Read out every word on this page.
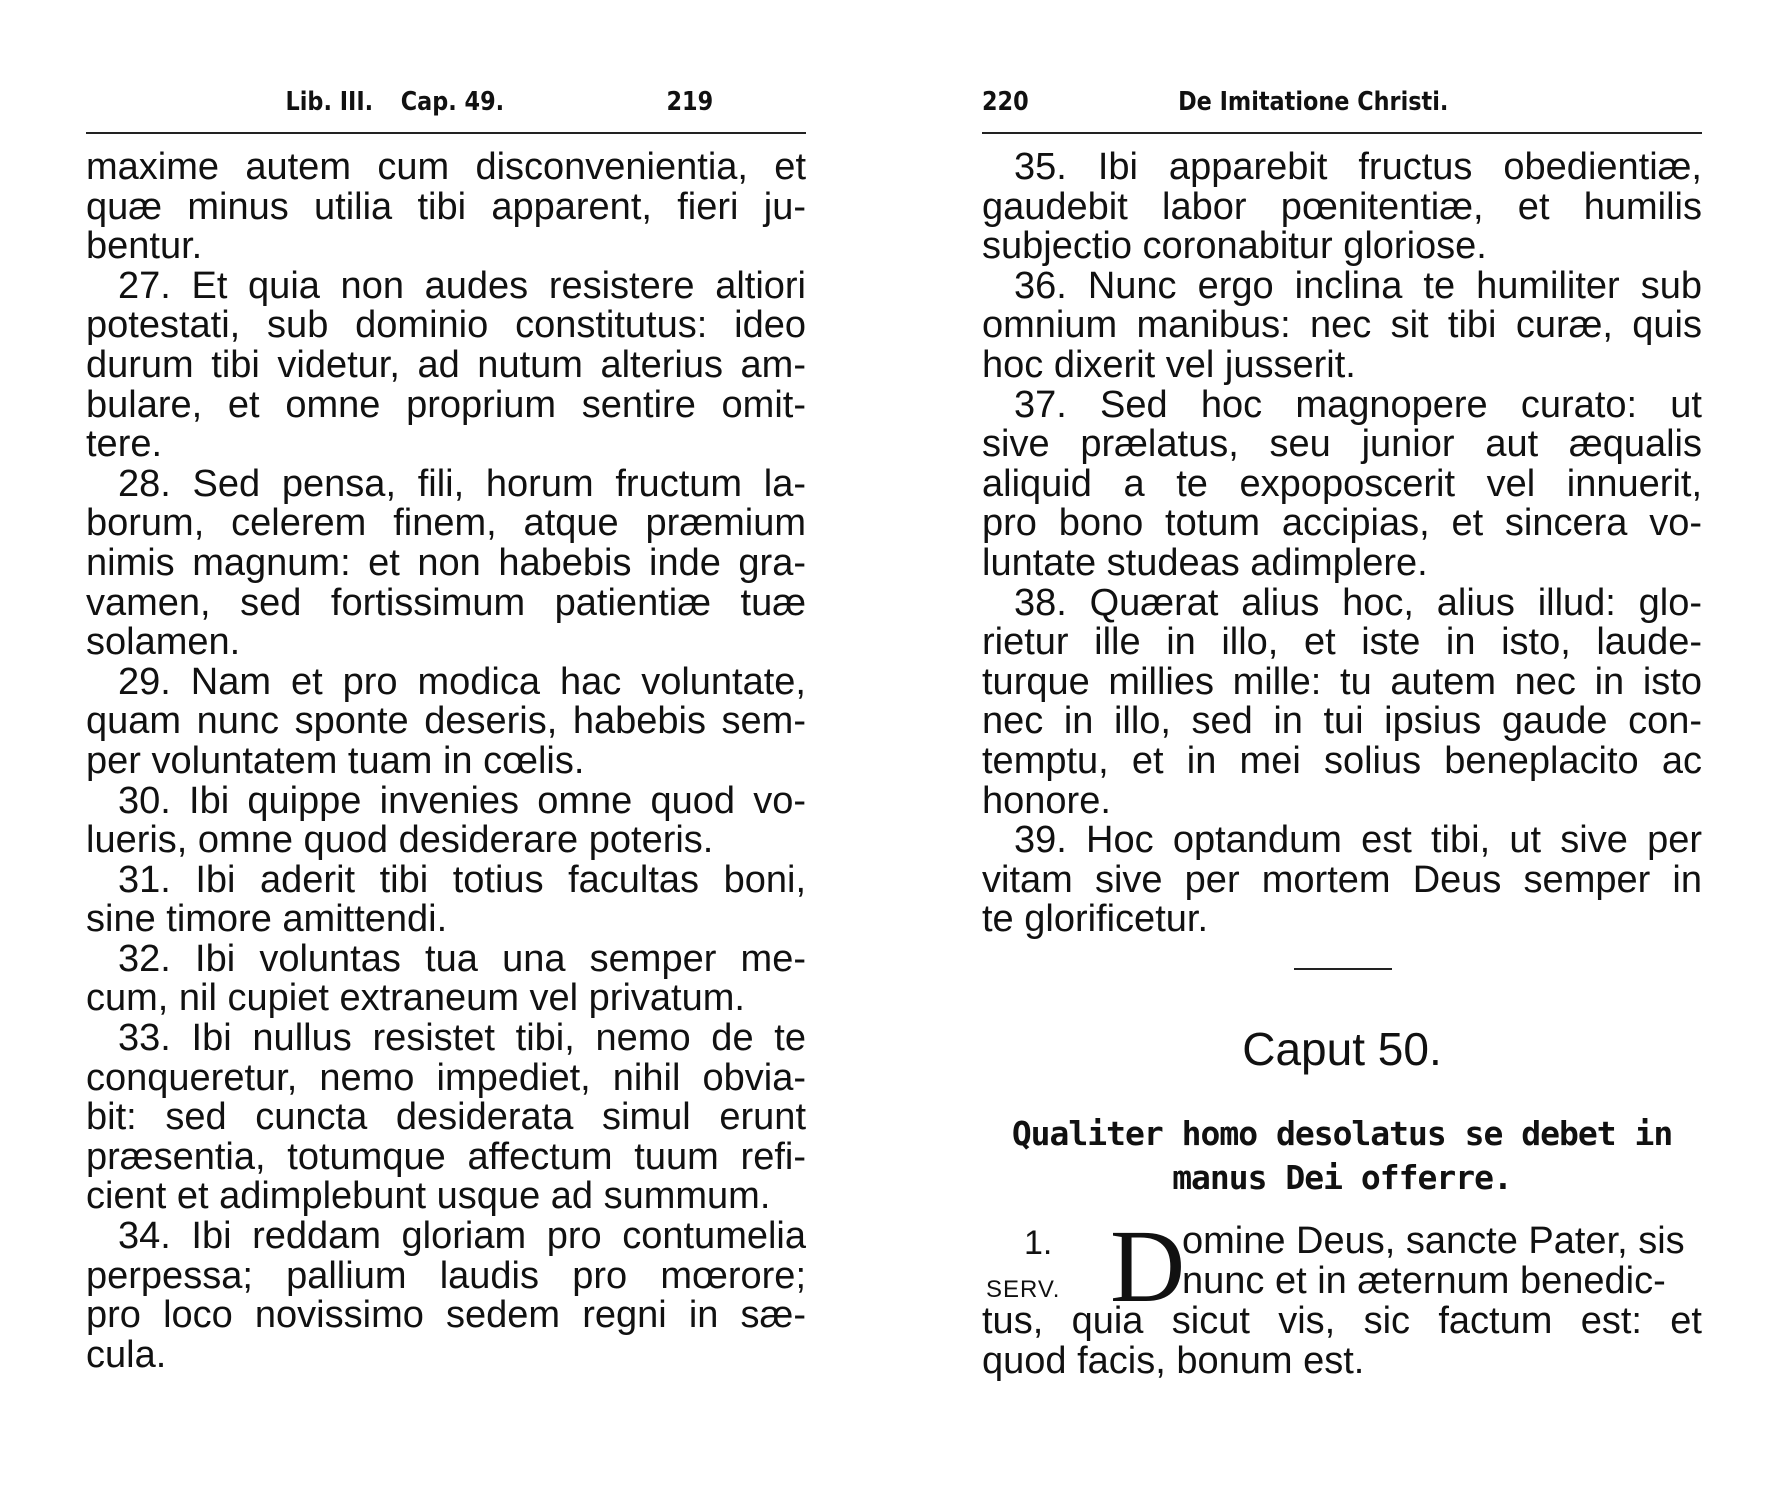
Lib. III. Cap. 49.	219
maxime autem cum disconvenientia, et
quæ minus utilia tibi apparent, fieri ju-
bentur.
27. Et quia non audes resistere altiori
potestati, sub dominio constitutus: ideo
durum tibi videtur, ad nutum alterius am-
bulare, et omne proprium sentire omit-
tere.
28. Sed pensa, fili, horum fructum la-
borum, celerem finem, atque præmium
nimis magnum: et non habebis inde gra-
vamen, sed fortissimum patientiæ tuæ
solamen.
29. Nam et pro modica hac voluntate,
quam nunc sponte deseris, habebis sem-
per voluntatem tuam in cœlis.
30. Ibi quippe invenies omne quod vo-
lueris, omne quod desiderare poteris.
31. Ibi aderit tibi totius facultas boni,
sine timore amittendi.
32. Ibi voluntas tua una semper me-
cum, nil cupiet extraneum vel privatum.
33. Ibi nullus resistet tibi, nemo de te
conqueretur, nemo impediet, nihil obvia-
bit: sed cuncta desiderata simul erunt
præsentia, totumque affectum tuum refi-
cient et adimplebunt usque ad summum.
34. Ibi reddam gloriam pro contumelia
perpessa; pallium laudis pro mœrore;
pro loco novissimo sedem regni in sæ-
cula.
220	De Imitatione Christi.
35. Ibi apparebit fructus obedientiæ,
gaudebit labor pœnitentiæ, et humilis
subjectio coronabitur gloriose.
36. Nunc ergo inclina te humiliter sub
omnium manibus: nec sit tibi curæ, quis
hoc dixerit vel jusserit.
37. Sed hoc magnopere curato: ut
sive prælatus, seu junior aut æqualis
aliquid a te expoposcerit vel innuerit,
pro bono totum accipias, et sincera vo-
luntate studeas adimplere.
38. Quærat alius hoc, alius illud: glo-
rietur ille in illo, et iste in isto, laude-
turque millies mille: tu autem nec in isto
nec in illo, sed in tui ipsius gaude con-
temptu, et in mei solius beneplacito ac
honore.
39. Hoc optandum est tibi, ut sive per
vitam sive per mortem Deus semper in
te glorificetur.
Caput 50.
Qualiter homo desolatus se debet in
manus Dei offerre.
1.
SERV. D
omine Deus, sancte Pater, sis
nunc et in æternum benedic-
tus, quia sicut vis, sic factum est: et
quod facis, bonum est.
